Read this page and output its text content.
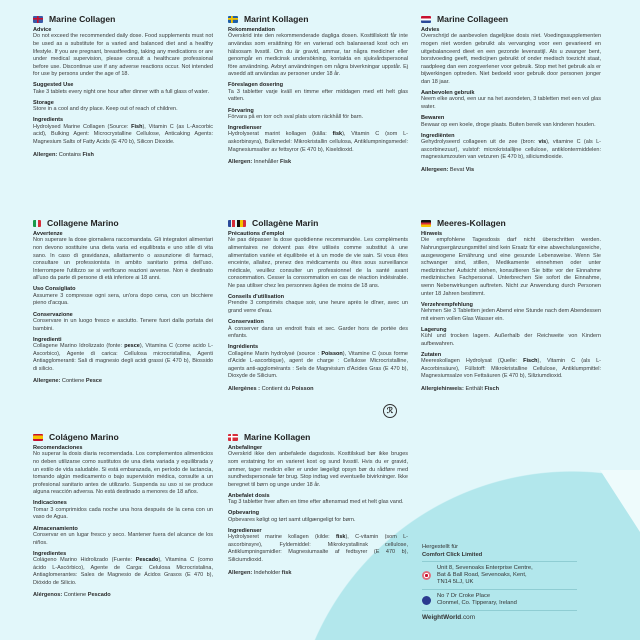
Marine Collagen
Advice
Do not exceed the recommended daily dose. Food supplements must not be used as a substitute for a varied and balanced diet and a healthy lifestyle. If you are pregnant, breastfeeding, taking any medications or are under medical supervision, please consult a healthcare professional before use. Discontinue use if any adverse reactions occur. Not intended for use by persons under the age of 18.
Suggested Use
Take 3 tablets every night one hour after dinner with a full glass of water.
Storage
Store in a cool and dry place. Keep out of reach of children.
Ingredients
Hydrolysed Marine Collagen (Source: Fish), Vitamin C (as L-Ascorbic acid), Bulking Agent: Microcrystalline Cellulose, Anticaking Agents: Magnesium Salts of Fatty Acids (E 470 b), Silicon Dioxide.
Allergen: Contains Fish
Marint Kollagen
Rekommendation
Överskrid inte den rekommenderade dagliga dosen. Kosttillskott får inte användas som ersättning för en varierad och balanserad kost och en hälsosam livsstil. Om du är gravid, ammar, tar några mediciner eller genomgår en medicinsk undersökning, kontakta en sjukvårdspersonal före användning. Avbryt användningen om några biverkningar uppstår. Ej avsedd att användas av personer under 18 år.
Föreslagen dosering
Ta 3 tabletter varje kväll en timme efter middagen med ett helt glas vatten.
Förvaring
Förvara på en torr och sval plats utom räckhåll för barn.
Ingredienser
Hydrolyserat marint kollagen (källa: fisk), Vitamin C (som L-askorbinsyra), Bulkmedel: Mikrokristallin cellulosa, Antiklumpningsmedel: Magnesiumsalter av fettsyror (E 470 b), Kiseldioxid.
Allergen: Innehåller Fisk
Marine Collageen
Advies
Overschrijd de aanbevolen dagelijkse dosis niet. Voedingssupplementen mogen niet worden gebruikt als vervanging voor een gevarieerd en uitgebalanceerd dieet en een gezonde levensstijl. Als u zwanger bent, borstvoeding geeft, medicijnen gebruikt of onder medisch toezicht staat, raadpleeg dan een zorgverlener voor gebruik. Stop met het gebruik als er bijwerkingen optreden. Niet bedoeld voor gebruik door personen jonger dan 18 jaar.
Aanbevolen gebruik
Neem elke avond, een uur na het avondeten, 3 tabletten met een vol glas water.
Bewaren
Bewaar op een koele, droge plaats. Buiten bereik van kinderen houden.
Ingrediënten
Gehydrolyseerd collageen uit de zee (bron: vis), vitamine C (als L-ascorbinezuur), vulstof: microkristallijne cellulose, antiklontermiddelen: magnesiumzouten van vetzuren (E 470 b), siliciumdioxide.
Allergeen: Bevat Vis
Collagene Marino
Avvertenze
Non superare la dose giornaliera raccomandata. Gli integratori alimentari non devono sostituire una dieta varia ed equilibrata e uno stile di vita sano. In caso di gravidanza, allattamento o assunzione di farmaci, consultare un professionista in ambito sanitario prima dell'uso. Interrompere l'utilizzo se si verificano reazioni avverse. Non è destinato all'uso da parte di persone di età inferiore ai 18 anni.
Uso Consigliato
Assumere 3 compresse ogni sera, un'ora dopo cena, con un bicchiere pieno d'acqua.
Conservazione
Conservare in un luogo fresco e asciutto. Tenere fuori dalla portata dei bambini.
Ingredienti
Collagene Marino Idrolizzato (fonte: pesce), Vitamina C (come acido L-Ascorbico), Agente di carica: Cellulosa microcristallina, Agenti Antiagglomeranti: Sali di magnesio degli acidi grassi (E 470 b), Biossido di silicio.
Allergene: Contiene Pesce
Collagène Marin
Précautions d'emploi
Ne pas dépasser la dose quotidienne recommandée. Les compléments alimentaires ne doivent pas être utilisés comme substitut à une alimentation variée et équilibrée et à un mode de vie sain. Si vous êtes enceinte, allaitez, prenez des médicaments ou êtes sous surveillance médicale, veuillez consulter un professionnel de la santé avant consommation. Cesser la consommation en cas de réaction indésirable. Ne pas utiliser chez les personnes âgées de moins de 18 ans.
Conseils d'utilisation
Prendre 3 comprimés chaque soir, une heure après le dîner, avec un grand verre d'eau.
Conservation
À conserver dans un endroit frais et sec. Garder hors de portée des enfants.
Ingrédients
Collagène Marin hydrolysé (source : Poisson), Vitamine C (sous forme d'Acide L-ascorbique), agent de charge : Cellulose Microcristalline, agents anti-agglomérants : Sels de Magnésium d'Acides Gras (E 470 b), Dioxyde de Silicium.
Allergènes : Contient du Poisson
Meeres-Kollagen
Hinweis
Die empfohlene Tagesdosis darf nicht überschritten werden. Nahrungsergänzungsmittel sind kein Ersatz für eine abwechslungsreiche, ausgewogene Ernährung und eine gesunde Lebensweise. Wenn Sie schwanger sind, stillen, Medikamente einnehmen oder unter medizinischer Aufsicht stehen, konsultieren Sie bitte vor der Einnahme medizinisches Fachpersonal. Unterbrechen Sie sofort die Einnahme, wenn Nebenwirkungen auftreten. Nicht zur Anwendung durch Personen unter 18 Jahren bestimmt.
Verzehrempfehlung
Nehmen Sie 3 Tabletten jeden Abend eine Stunde nach dem Abendessen mit einem vollen Glas Wasser ein.
Lagerung
Kühl und trocken lagern. Außerhalb der Reichweite von Kindern aufbewahren.
Zutaten
Meereskollagen Hydrolysat (Quelle: Fisch), Vitamin C (als L-Ascorbinsäure), Füllstoff: Mikrokristalline Cellulose, Antiklumpmittel: Magnesiumsalze von Fettsäuren (E 470 b), Siliziumdioxid.
Allergiehinweis: Enthält Fisch
Colágeno Marino
Recomendaciones
No superar la dosis diaria recomendada. Los complementos alimenticios no deben utilizarse como sustitutos de una dieta variada y equilibrada y un estilo de vida saludable. Si está embarazada, en período de lactancia, tomando algún medicamento o bajo supervisión médica, consulte a un profesional sanitario antes de utilizarlo. Suspenda su uso si se produce alguna reacción adversa. No está destinado a menores de 18 años.
Indicaciones
Tomar 3 comprimidos cada noche una hora después de la cena con un vaso de Agua.
Almacenamiento
Conservar en un lugar fresco y seco. Mantener fuera del alcance de los niños.
Ingredientes
Colágeno Marino Hidrolizado (Fuente: Pescado), Vitamina C (como ácido L-Ascórbico), Agente de Carga: Celulosa Microcristalina, Antiaglomerantes: Sales de Magnesio de Ácidos Grasos (E 470 b), Dióxido de Silicio.
Alérgenos: Contiene Pescado
Marine Kollagen
Anbefalinger
Overskrid ikke den anbefalede dagsdosis. Kosttilskud bør ikke bruges som erstatning for en varieret kost og sund livsstil. Hvis du er gravid, ammer, tager medicin eller er under lægeligt opsyn bør du rådføre med sundhedspersonale før brug. Stop indtag ved eventuelle bivirkninger. Ikke beregnet til børn og unge under 18 år.
Anbefalet dosis
Tag 3 tabletter hver aften en time efter aftensmad med et helt glas vand.
Opbevaring
Opbevares køligt og tørt samt utilgængeligt for børn.
Ingredienser
Hydrolyseret marine kollagen (kilde: fisk), C-vitamin (som L-ascorbinsyre), Fyldemiddel: Mikrokrystallinsk cellulose, Antiklumpningsmidler: Magnesiumsalte af fedtsyrer (E 470 b), Siliciumdioxid.
Allergen: Indeholder fisk
ℛ
Hergestellt für
Comfort Click Limited
Unit 8, Sevenoaks Enterprise Centre,
Bat & Ball Road, Sevenoaks, Kent,
TN14 5LJ, UK
No 7 Dr Croke Place
Clonmel, Co. Tipperary, Ireland
WeightWorld.com
